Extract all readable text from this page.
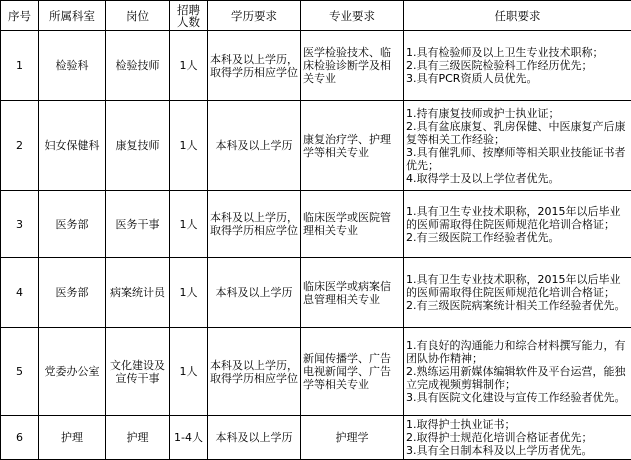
序号	所属科室	岗位	招聘人数	学历要求	专业要求	任职要求
1	检验科	检验技师	1人	本科及以上学历，取得学历相应学位	医学检验技术、临床检验诊断学及相关专业	1.具有检验师及以上卫生专业技术职称；
2.具有三级医院检验科工作经历优先；
3.具有PCR资质人员优先。

2	妇女保健科	康复技师	1人	本科及以上学历	康复治疗学、护理学等相关专业	1.持有康复技师或护士执业证；
2.具有盆底康复、乳房保健、中医康复产后康复等相关工作经验；
3.具有催乳师、按摩师等相关职业技能证书者优先；
4.取得学士及以上学位者优先。

3	医务部	医务干事	1人	本科及以上学历，取得学历相应学位	临床医学或医院管理相关专业	1.具有卫生专业技术职称，2015年以后毕业的医师需取得住院医师规范化培训合格证；
2.有三级医院工作经验者优先。

4	医务部	病案统计员	1人	本科及以上学历	临床医学或病案信息管理相关专业	1.具有卫生专业技术职称，2015年以后毕业的医师需取得住院医师规范化培训合格证；
2.有三级医院病案统计相关工作经验者优先。

5	党委办公室	文化建设及宣传干事	1人	本科及以上学历，取得学历相应学位	新闻传播学、广告电视新闻学、广告学等相关专业	1.有良好的沟通能力和综合材料撰写能力，有团队协作精神；
2.熟练运用新媒体编辑软件及平台运营，能独立完成视频剪辑制作；
3.具有医院文化建设与宣传工作经验者优先。

6	护理	护理	1-4人	本科及以上学历	护理学	1.取得护士执业证书；
2.取得护士规范化培训合格证者优先；
3.具有全日制本科及以上学历者优先。
